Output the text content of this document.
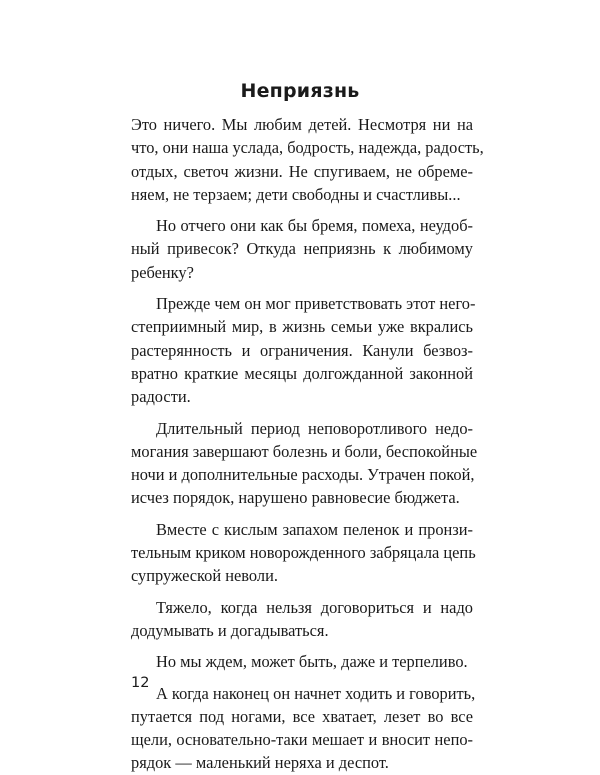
Неприязнь

Это ничего. Мы любим детей. Несмотря ни на
что, они наша услада, бодрость, надежда, радость,
отдых, светоч жизни. Не спугиваем, не обреме-
няем, не терзаем; дети свободны и счастливы...

Но отчего они как бы бремя, помеха, неудоб-
ный привесок? Откуда неприязнь к любимому
ребенку?

Прежде чем он мог приветствовать этот него-
степриимный мир, в жизнь семьи уже вкрались
растерянность и ограничения. Канули безвоз-
вратно краткие месяцы долгожданной законной
радости.

Длительный период неповоротливого недо-
могания завершают болезнь и боли, беспокойные
ночи и дополнительные расходы. Утрачен покой,
исчез порядок, нарушено равновесие бюджета.

Вместе с кислым запахом пеленок и пронзи-
тельным криком новорожденного забряцала цепь
супружеской неволи.

Тяжело, когда нельзя договориться и надо
додумывать и догадываться.

Но мы ждем, может быть, даже и терпеливо.

А когда наконец он начнет ходить и говорить,
путается под ногами, все хватает, лезет во все
щели, основательно-таки мешает и вносит непо-
рядок — маленький неряха и деспот.

12
